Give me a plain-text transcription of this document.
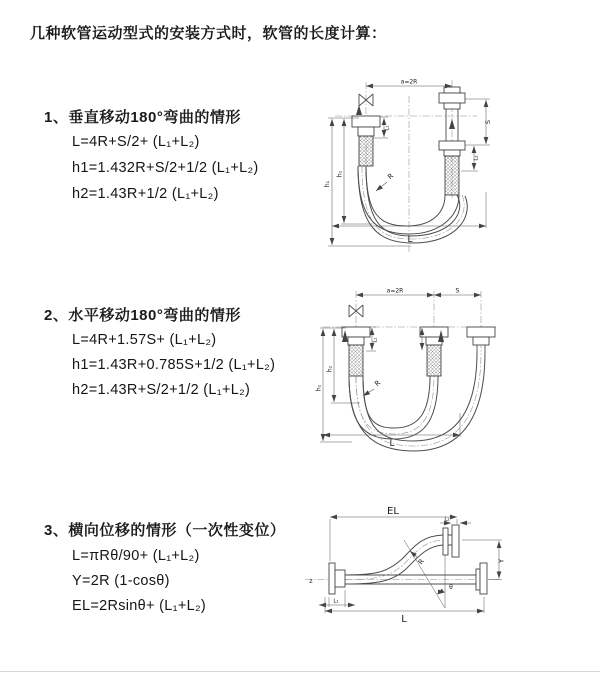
几种软管运动型式的安装方式时，软管的长度计算：
1、垂直移动180°弯曲的情形
L=4R+S/2+ (L₁+L₂)
h1=1.432R+S/2+1/2 (L₁+L₂)
h2=1.43R+1/2 (L₁+L₂)
2、水平移动180°弯曲的情形
L=4R+1.57S+ (L₁+L₂)
h1=1.43R+0.785S+1/2 (L₁+L₂)
h2=1.43R+S/2+1/2 (L₁+L₂)
3、横向位移的情形（一次性变位）
L=πRθ/90+ (L₁+L₂)
Y=2R (1-cosθ)
EL=2Rsinθ+ (L₁+L₂)
a=2R
h₁
h₂
L₁
S
L₂
L
R
a=2R	S
h₁
h₂
L₁
L
R
z
θ
EL
L₂
Y
R
L₁
L
